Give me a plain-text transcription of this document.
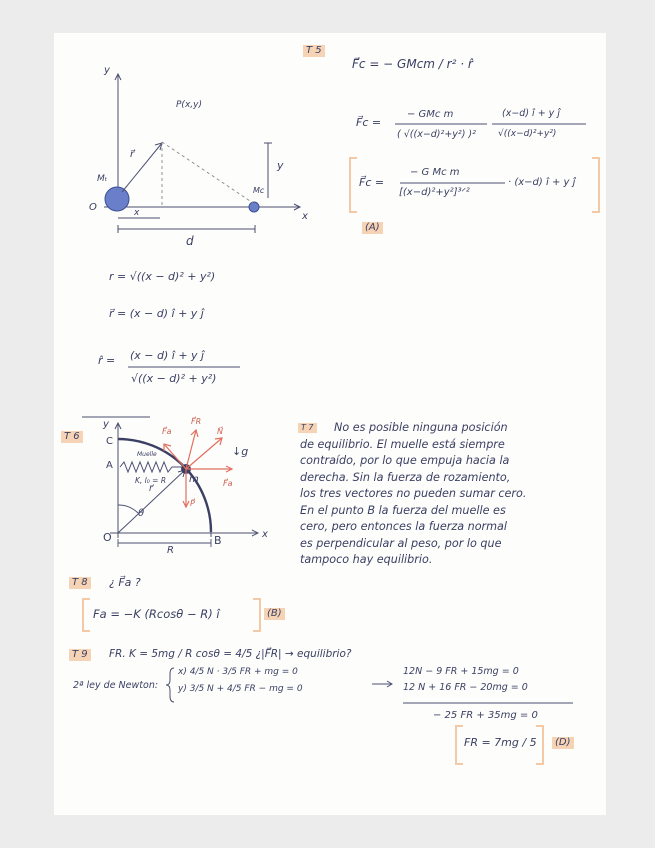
T 5
y
x
O
P(x,y)
r⃗
Mₜ
Mc
x
y
d
F⃗c = − GMcm / r² · r̂
F⃗c =
− GMc m
( √((x−d)²+y²) )²
(x−d) î + y ĵ
√((x−d)²+y²)
F⃗c =
− G Mc m
[(x−d)²+y²]³ᐟ²
· (x−d) î + y ĵ
(A)
r = √((x − d)² + y²)
r⃗ = (x − d) î + y ĵ
r̂ = (x − d) î + y ĵ
√((x − d)² + y²)
T 6
y
x
O
C
A
B
m
F⃗a
F⃗R
F⃗a
N⃗
↓g
P⃗
θ
r⃗
Muelle
K, l₀ = R
R
T 7	No es posible ninguna posición
de equilibrio. El muelle está siempre
contraído, por lo que empuja hacia la
derecha. Sin la fuerza de rozamiento,
los tres vectores no pueden sumar cero.
En el punto B la fuerza del muelle es
cero, pero entonces la fuerza normal
es perpendicular al peso, por lo que
tampoco hay equilibrio.
T 8 ¿ F⃗a ?
Fa = −K (Rcosθ − R) î	(B)
T 9 FR. K = 5mg / R cosθ = 4/5 ¿|F⃗R| → equilibrio?
2ª ley de Newton:
x) 4/5 N · 3/5 FR + mg = 0
y) 3/5 N + 4/5 FR − mg = 0
12N − 9 FR + 15mg = 0
12 N + 16 FR − 20mg = 0
− 25 FR + 35mg = 0
FR = 7mg / 5	(D)
